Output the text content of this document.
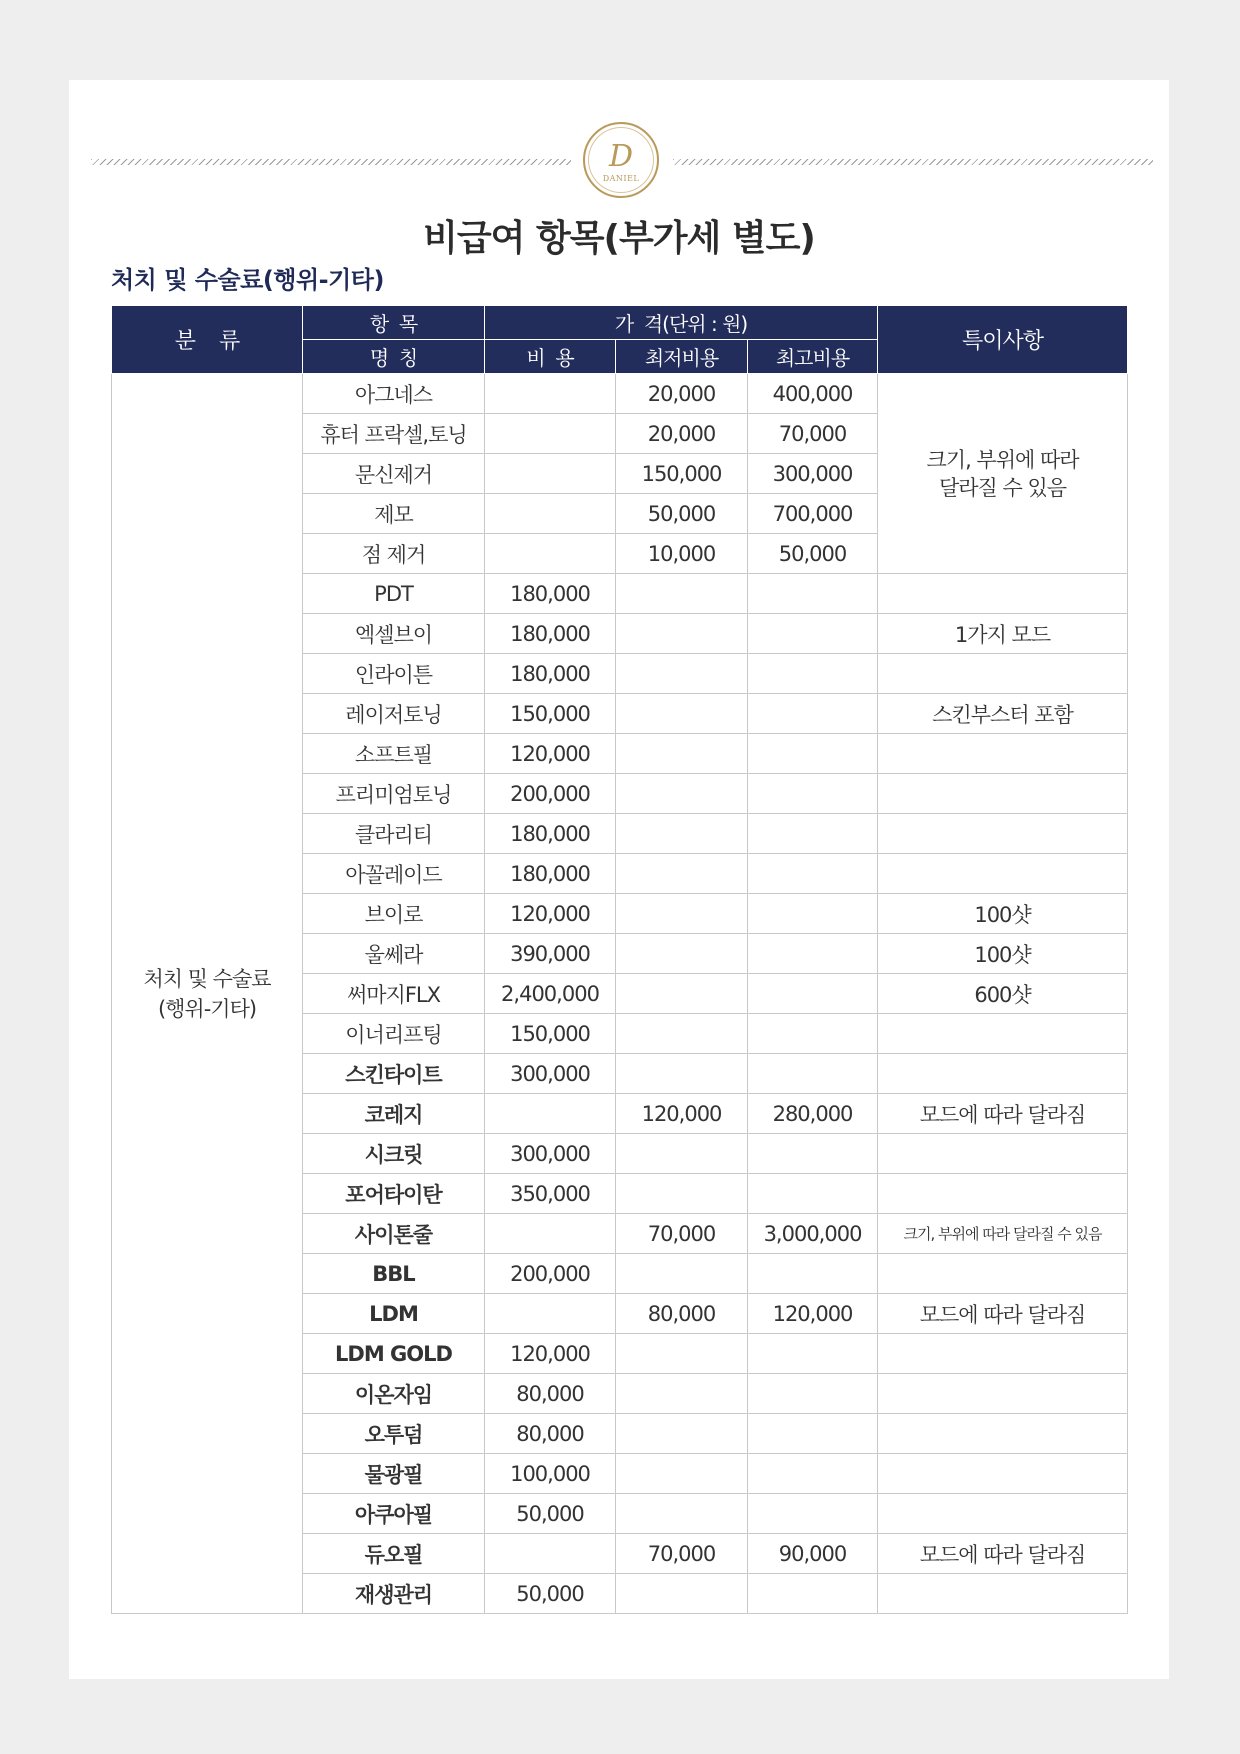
D
DANIEL
비급여 항목(부가세 별도)
처치 및 수술료(행위-기타)
분    류	항  목	가  격(단위 : 원)			특이사항
	명  칭	비  용	최저비용	최고비용	
처치 및 수술료
(행위-기타)	아그네스		20,000	400,000	크기, 부위에 따라
달라질 수 있음
	휴터 프락셀,토닝		20,000	70,000	
	문신제거		150,000	300,000	
	제모		50,000	700,000	
	점 제거		10,000	50,000	
	PDT	180,000			
	엑셀브이	180,000			1가지 모드
	인라이튼	180,000			
	레이저토닝	150,000			스킨부스터 포함
	소프트필	120,000			
	프리미엄토닝	200,000			
	클라리티	180,000			
	아꼴레이드	180,000			
	브이로	120,000			100샷
	울쎄라	390,000			100샷
	써마지FLX	2,400,000			600샷
	이너리프팅	150,000			
	스킨타이트	300,000			
	코레지		120,000	280,000	모드에 따라 달라짐
	시크릿	300,000			
	포어타이탄	350,000			
	사이톤줄		70,000	3,000,000	크기, 부위에 따라 달라질 수 있음
	BBL	200,000			
	LDM		80,000	120,000	모드에 따라 달라짐
	LDM GOLD	120,000			
	이온자임	80,000			
	오투덤	80,000			
	물광필	100,000			
	아쿠아필	50,000			
	듀오필		70,000	90,000	모드에 따라 달라짐
	재생관리	50,000			
